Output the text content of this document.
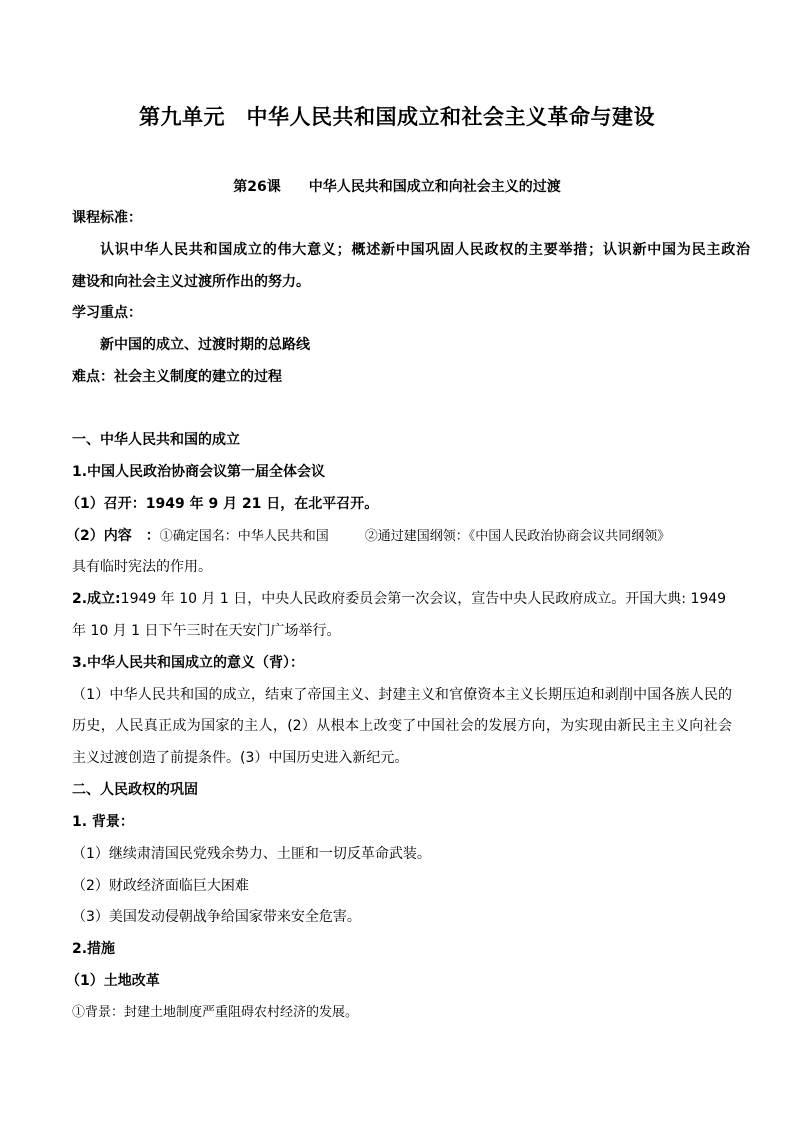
第九单元　中华人民共和国成立和社会主义革命与建设
第26课　　中华人民共和国成立和向社会主义的过渡
课程标准：
认识中华人民共和国成立的伟大意义；概述新中国巩固人民政权的主要举措；认识新中国为民主政治
建设和向社会主义过渡所作出的努力。
学习重点：
新中国的成立、过渡时期的总路线
难点：社会主义制度的建立的过程
一、中华人民共和国的成立
1.中国人民政治协商会议第一届全体会议
（1）召开：1949 年 9 月 21 日，在北平召开。
（2）内容　：①确定国名：中华人民共和国	②通过建国纲领：《中国人民政治协商会议共同纲领》
具有临时宪法的作用。
2.成立:1949 年 10 月 1 日，中央人民政府委员会第一次会议，宣告中央人民政府成立。开国大典: 1949
年 10 月 1 日下午三时在天安门广场举行。
3.中华人民共和国成立的意义（背）：
（1）中华人民共和国的成立，结束了帝国主义、封建主义和官僚资本主义长期压迫和剥削中国各族人民的
历史，人民真正成为国家的主人，(2）从根本上改变了中国社会的发展方向，为实现由新民主主义向社会
主义过渡创造了前提条件。(3）中国历史进入新纪元。
二、人民政权的巩固
1. 背景：
（1）继续肃清国民党残余势力、土匪和一切反革命武装。
（2）财政经济面临巨大困难
（3）美国发动侵朝战争给国家带来安全危害。
2.措施
（1）土地改革
①背景：封建土地制度严重阻碍农村经济的发展。
